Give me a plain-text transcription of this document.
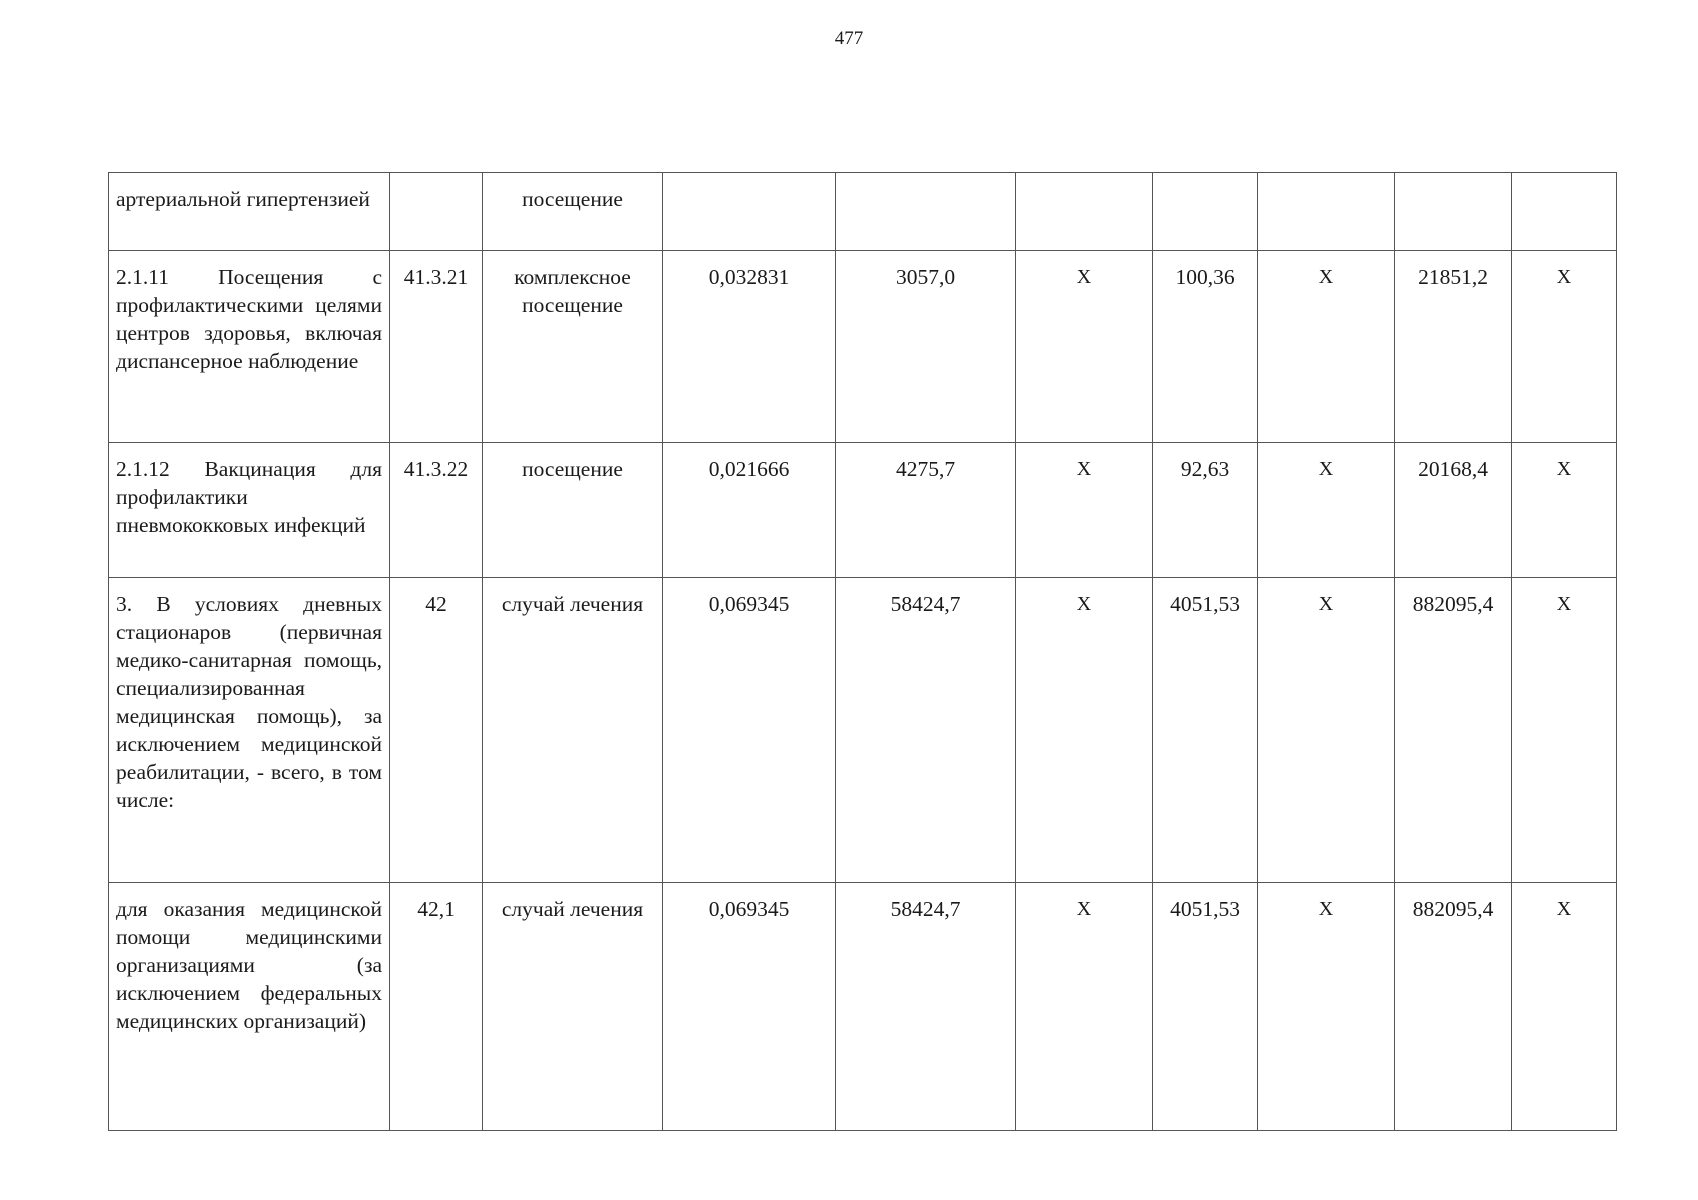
477
артериальной гипертензией		посещение							
2.1.11 Посещения с профилактическими целями центров здоровья, включая диспансерное наблюдение	41.3.21	комплексное посещение	0,032831	3057,0	Х	100,36	Х	21851,2	Х
2.1.12 Вакцинация для профилактики пневмококковых инфекций	41.3.22	посещение	0,021666	4275,7	Х	92,63	Х	20168,4	Х
3. В условиях дневных стационаров (первичная медико-санитарная помощь, специализированная медицинская помощь), за исключением медицинской реабилитации, - всего, в том числе:	42	случай лечения	0,069345	58424,7	Х	4051,53	Х	882095,4	Х
для оказания медицинской помощи медицинскими организациями (за исключением федеральных медицинских организаций)	42,1	случай лечения	0,069345	58424,7	Х	4051,53	Х	882095,4	Х
